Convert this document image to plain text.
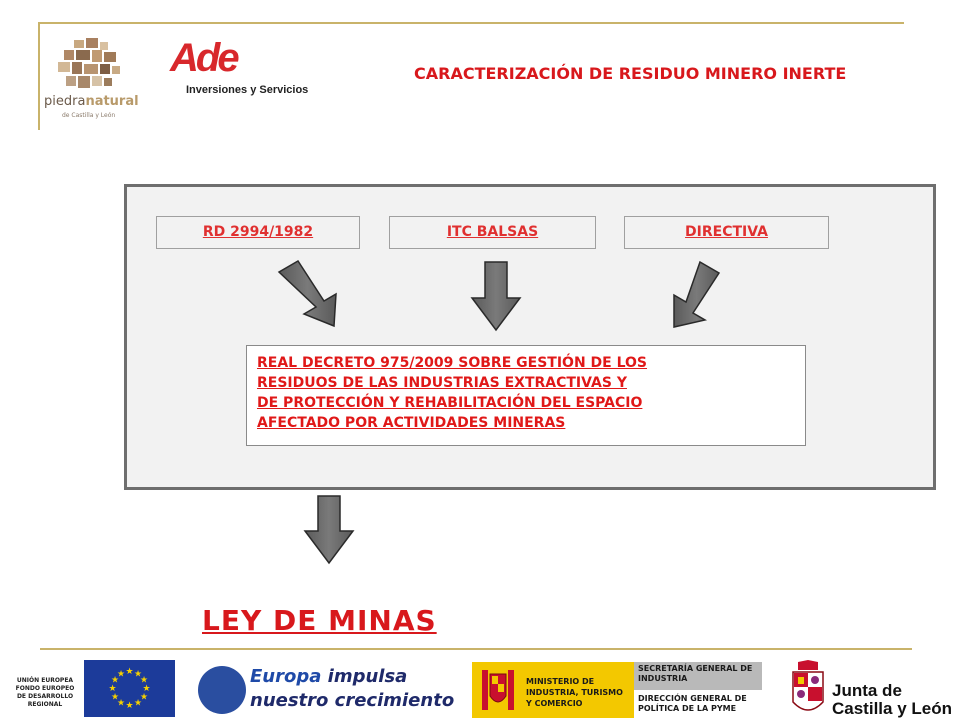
piedranatural
de Castilla y León
Ade
Inversiones y Servicios
CARACTERIZACIÓN DE RESIDUO MINERO INERTE
RD 2994/1982	ITC BALSAS	DIRECTIVA
REAL DECRETO 975/2009 SOBRE GESTIÓN DE LOS
RESIDUOS DE LAS INDUSTRIAS EXTRACTIVAS Y
DE PROTECCIÓN Y REHABILITACIÓN DEL ESPACIO
AFECTADO POR ACTIVIDADES MINERAS
LEY DE MINAS
UNIÓN EUROPEA
FONDO EUROPEO
DE DESARROLLO
REGIONAL
★ ★
★
★
★
★
★
★
★
★
★
★	Europa impulsa
nuestro crecimiento
MINISTERIO DE
INDUSTRIA, TURISMO
Y COMERCIO
SECRETARÍA GENERAL DE
INDUSTRIA
DIRECCIÓN GENERAL DE
POLÍTICA DE LA PYME
Junta de
Castilla y León
